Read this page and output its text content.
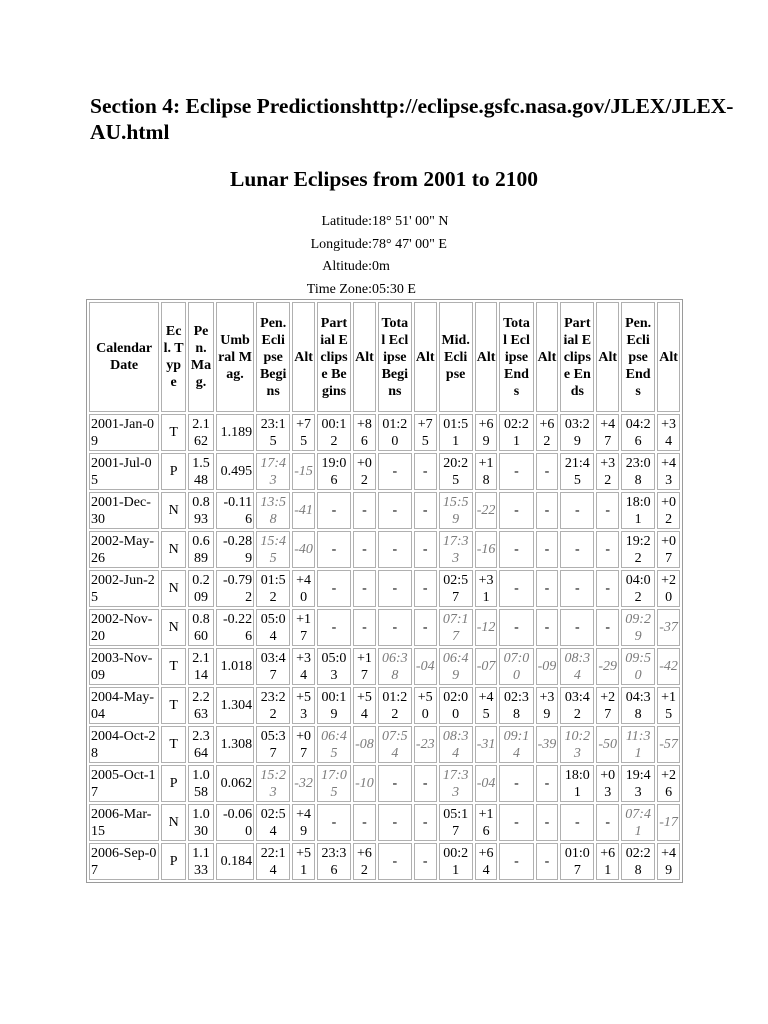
Section 4: Eclipse Predictionshttp://eclipse.gsfc.nasa.gov/JLEX/JLEX-AU.html
Lunar Eclipses from 2001 to 2100
Latitude: 18° 51' 00" N
Longitude: 78° 47' 00" E
Altitude: 0m
Time Zone: 05:30 E
Calendar Date	Ecl. Type	Pen. Mag.	Umbral Mag.	Pen. Eclipse Begins	Alt	Partial Eclipse Begins	Alt	Total Eclipse Begins	Alt	Mid. Eclipse	Alt	Total Eclipse Ends	Alt	Partial Eclipse Ends	Alt	Pen. Eclipse Ends	Alt
2001-Jan-09	T	2.162	1.189	23:15	+75	00:12	+86	01:20	+75	01:51	+69	02:21	+62	03:29	+47	04:26	+34
2001-Jul-05	P	1.548	0.495	17:43	-15	19:06	+02	-	-	20:25	+18	-	-	21:45	+32	23:08	+43
2001-Dec-30	N	0.893	-0.116	13:58	-41	-	-	-	-	15:59	-22	-	-	-	-	18:01	+02
2002-May-26	N	0.689	-0.289	15:45	-40	-	-	-	-	17:33	-16	-	-	-	-	19:22	+07
2002-Jun-25	N	0.209	-0.792	01:52	+40	-	-	-	-	02:57	+31	-	-	-	-	04:02	+20
2002-Nov-20	N	0.860	-0.226	05:04	+17	-	-	-	-	07:17	-12	-	-	-	-	09:29	-37
2003-Nov-09	T	2.114	1.018	03:47	+34	05:03	+17	06:38	-04	06:49	-07	07:00	-09	08:34	-29	09:50	-42
2004-May-04	T	2.263	1.304	23:22	+53	00:19	+54	01:22	+50	02:00	+45	02:38	+39	03:42	+27	04:38	+15
2004-Oct-28	T	2.364	1.308	05:37	+07	06:45	-08	07:54	-23	08:34	-31	09:14	-39	10:23	-50	11:31	-57
2005-Oct-17	P	1.058	0.062	15:23	-32	17:05	-10	-	-	17:33	-04	-	-	18:01	+03	19:43	+26
2006-Mar-15	N	1.030	-0.060	02:54	+49	-	-	-	-	05:17	+16	-	-	-	-	07:41	-17
2006-Sep-07	P	1.133	0.184	22:14	+51	23:36	+62	-	-	00:21	+64	-	-	01:07	+61	02:28	+49
